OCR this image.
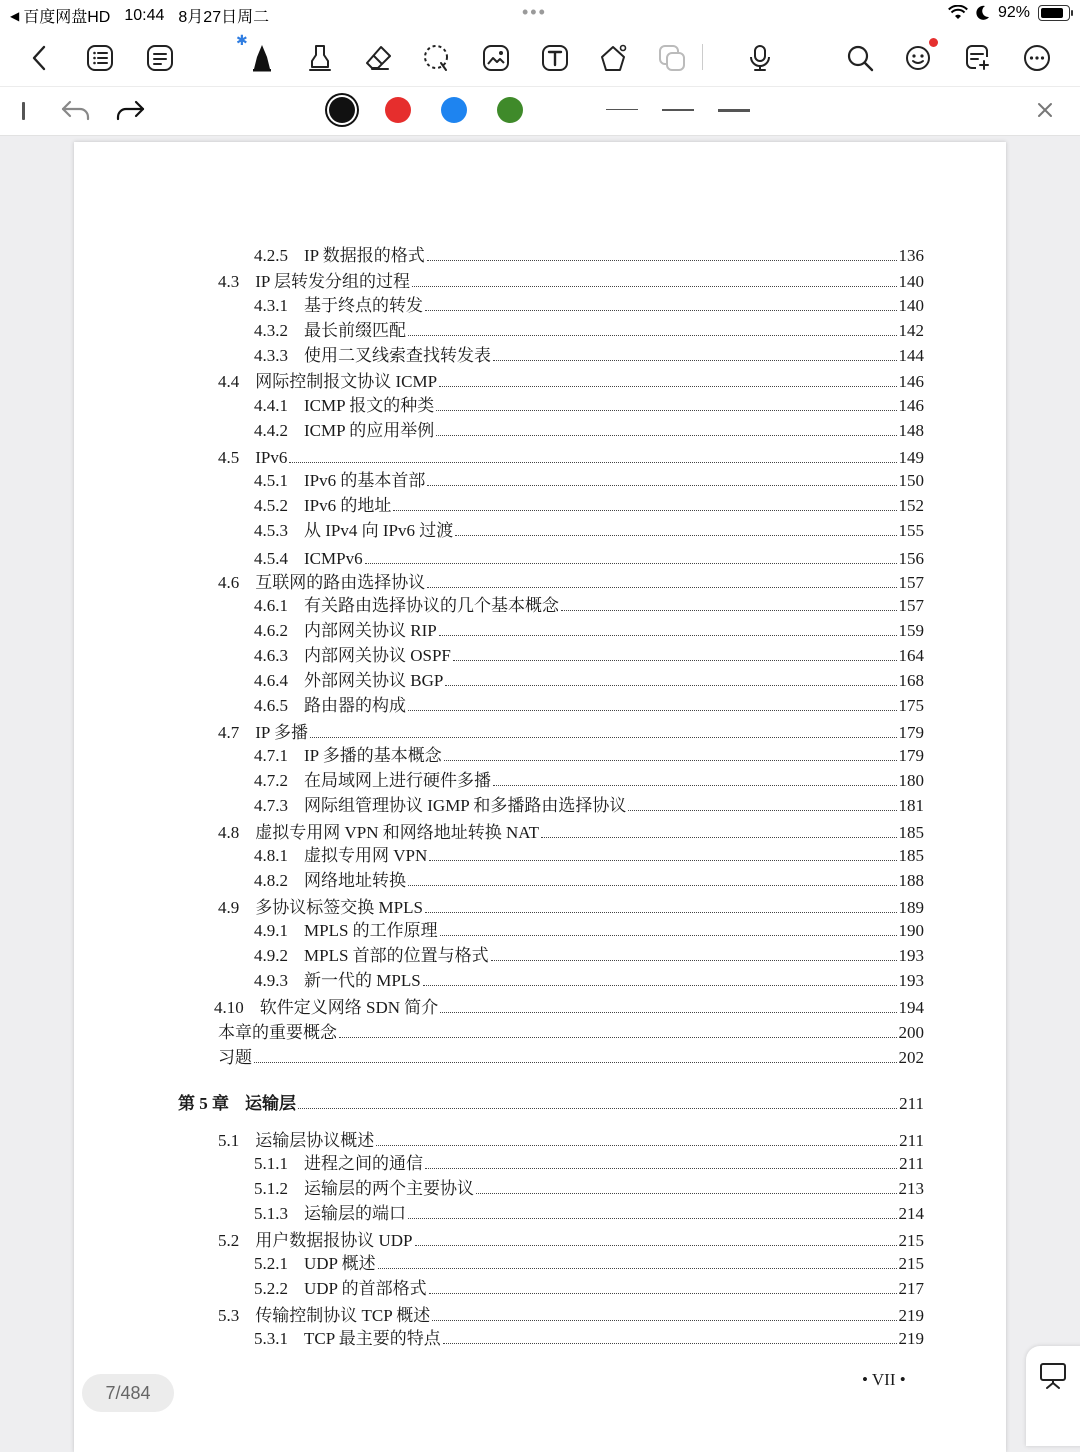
◀ 百度网盘HD 10:44 8月27日周二	•••	92%
✱
• VII •
4.2.5 IP 数据报的格式	136
4.3 IP 层转发分组的过程	140
4.3.1 基于终点的转发	140
4.3.2 最长前缀匹配	142
4.3.3 使用二叉线索查找转发表	144
4.4 网际控制报文协议 ICMP	146
4.4.1 ICMP 报文的种类	146
4.4.2 ICMP 的应用举例	148
4.5 IPv6	149
4.5.1 IPv6 的基本首部	150
4.5.2 IPv6 的地址	152
4.5.3 从 IPv4 向 IPv6 过渡	155
4.5.4 ICMPv6	156
4.6 互联网的路由选择协议	157
4.6.1 有关路由选择协议的几个基本概念	157
4.6.2 内部网关协议 RIP	159
4.6.3 内部网关协议 OSPF	164
4.6.4 外部网关协议 BGP	168
4.6.5 路由器的构成	175
4.7 IP 多播	179
4.7.1 IP 多播的基本概念	179
4.7.2 在局域网上进行硬件多播	180
4.7.3 网际组管理协议 IGMP 和多播路由选择协议	181
4.8 虚拟专用网 VPN 和网络地址转换 NAT	185
4.8.1 虚拟专用网 VPN	185
4.8.2 网络地址转换	188
4.9 多协议标签交换 MPLS	189
4.9.1 MPLS 的工作原理	190
4.9.2 MPLS 首部的位置与格式	193
4.9.3 新一代的 MPLS	193
4.10 软件定义网络 SDN 简介	194
本章的重要概念	200
习题	202
第 5 章 运输层	211
5.1 运输层协议概述	211
5.1.1 进程之间的通信	211
5.1.2 运输层的两个主要协议	213
5.1.3 运输层的端口	214
5.2 用户数据报协议 UDP	215
5.2.1 UDP 概述	215
5.2.2 UDP 的首部格式	217
5.3 传输控制协议 TCP 概述	219
5.3.1 TCP 最主要的特点	219
7/484
